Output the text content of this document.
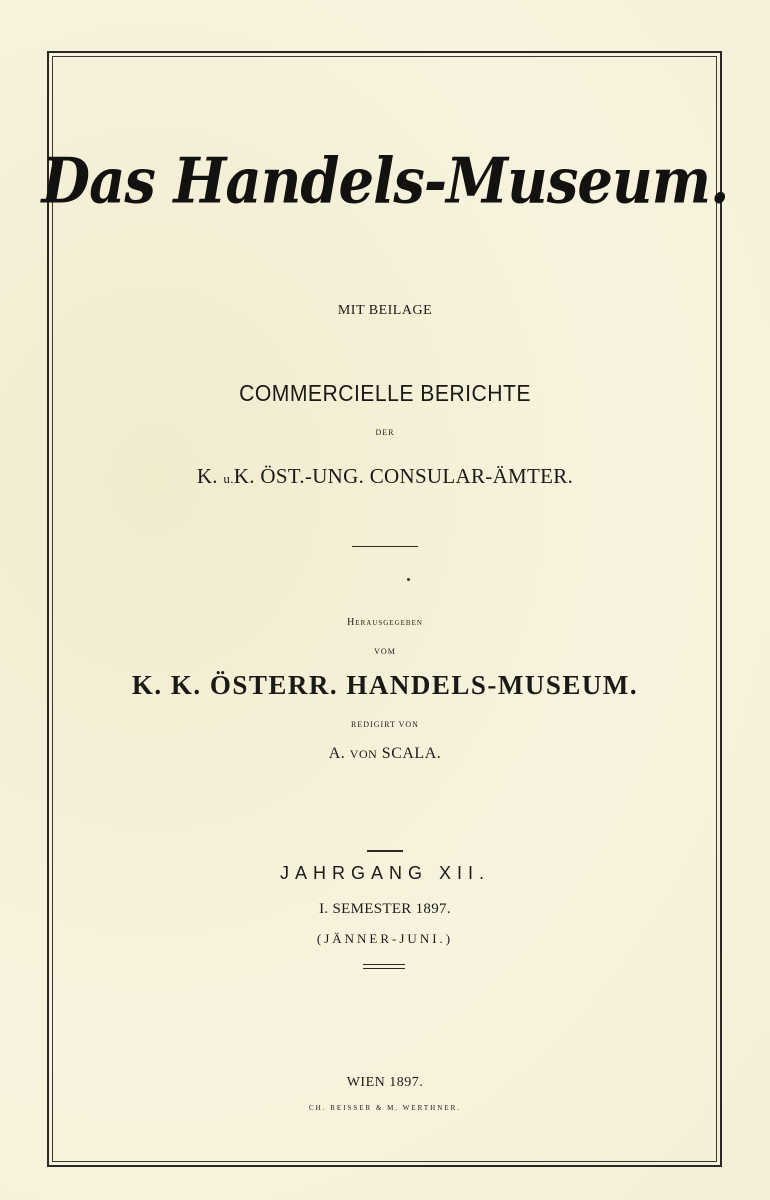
Das Handels-Museum.
MIT BEILAGE
COMMERCIELLE BERICHTE
DER
K. u.K. ÖST.-UNG. CONSULAR-ÄMTER.
Herausgegeben
VOM
K. K. ÖSTERR. HANDELS-MUSEUM.
REDIGIRT VON
A. VON SCALA.
JAHRGANG XII.
I. SEMESTER 1897.
(JÄNNER-JUNI.)
WIEN 1897.
CH. REISSER & M. WERTHNER.
